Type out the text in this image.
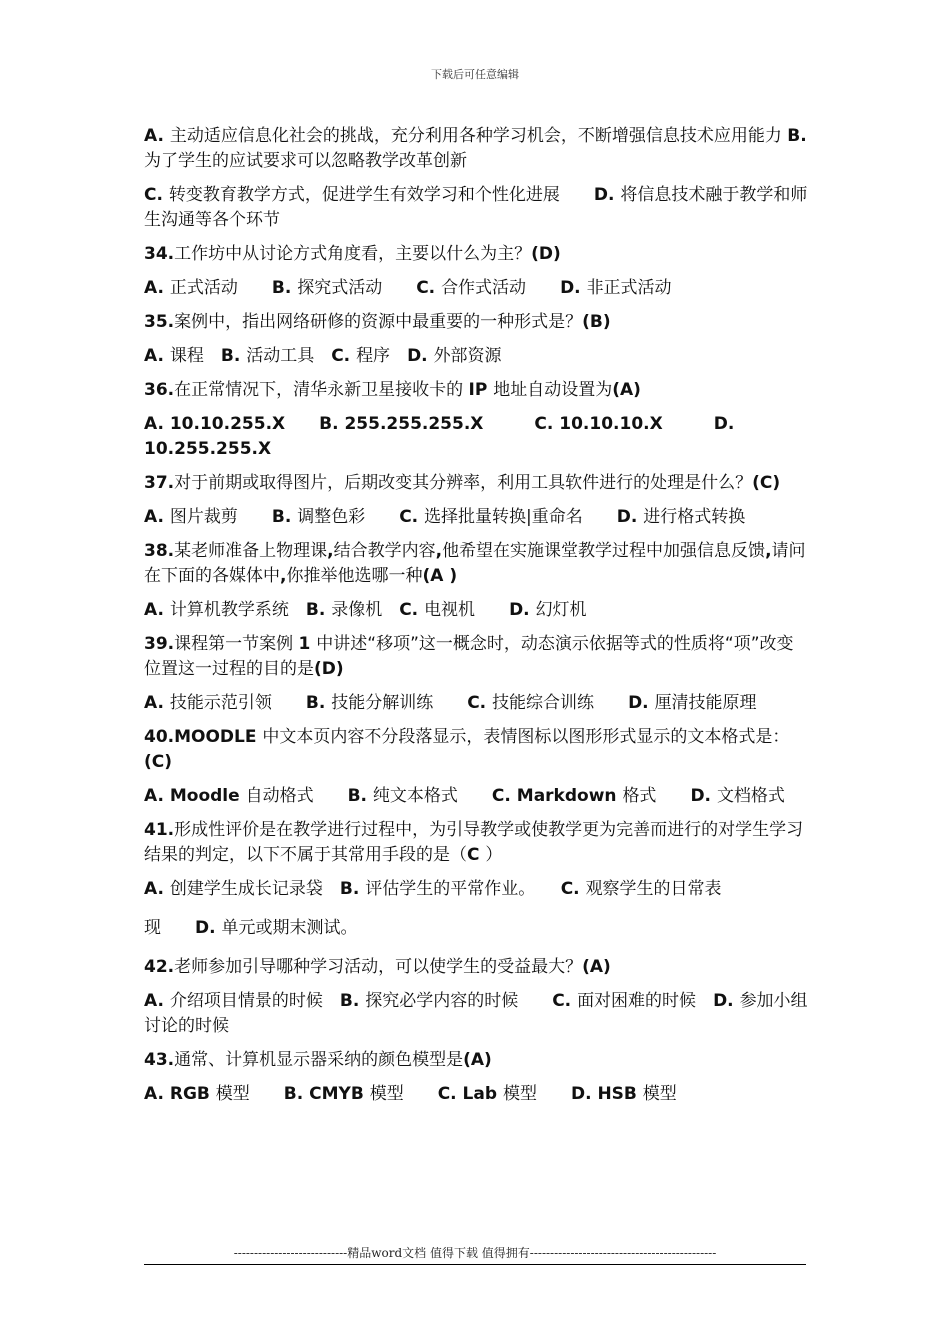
下载后可任意编辑

A. 主动适应信息化社会的挑战，充分利用各种学习机会，不断增强信息技术应用能力 B. 为了学生的应试要求可以忽略教学改革创新

C. 转变教育教学方式，促进学生有效学习和个性化进展　　D. 将信息技术融于教学和师生沟通等各个环节

34.工作坊中从讨论方式角度看，主要以什么为主？(D)

A. 正式活动　　B. 探究式活动　　C. 合作式活动　　D. 非正式活动

35.案例中，指出网络研修的资源中最重要的一种形式是？(B)

A. 课程　B. 活动工具　C. 程序　D. 外部资源

36.在正常情况下，清华永新卫星接收卡的 IP 地址自动设置为(A)

A. 10.10.255.X　　B. 255.255.255.X　　　C. 10.10.10.X　　　D. 10.255.255.X

37.对于前期或取得图片，后期改变其分辨率，利用工具软件进行的处理是什么？(C)

A. 图片裁剪　　B. 调整色彩　　C. 选择批量转换|重命名　　D. 进行格式转换

38.某老师准备上物理课,结合教学内容,他希望在实施课堂教学过程中加强信息反馈,请问在下面的各媒体中,你推举他选哪一种(A )

A. 计算机教学系统　B. 录像机　C. 电视机　　D. 幻灯机

39.课程第一节案例 1 中讲述“移项”这一概念时，动态演示依据等式的性质将“项”改变位置这一过程的目的是(D)

A. 技能示范引领　　B. 技能分解训练　　C. 技能综合训练　　D. 厘清技能原理

40.MOODLE 中文本页内容不分段落显示，表情图标以图形形式显示的文本格式是：(C)

A. Moodle 自动格式　　B. 纯文本格式　　C. Markdown 格式　　D. 文档格式

41.形成性评价是在教学进行过程中，为引导教学或使教学更为完善而进行的对学生学习结果的判定，以下不属于其常用手段的是（C ）

A. 创建学生成长记录袋　B. 评估学生的平常作业。　　C. 观察学生的日常表

现　　D. 单元或期末测试。

42.老师参加引导哪种学习活动，可以使学生的受益最大？(A)

A. 介绍项目情景的时候　B. 探究必学内容的时候　　C. 面对困难的时候　D. 参加小组讨论的时候

43.通常、计算机显示器采纳的颜色模型是(A)

A. RGB 模型　　B. CMYB 模型　　C. Lab 模型　　D. HSB 模型

----------------------------精品word文档 值得下载 值得拥有----------------------------------------------
